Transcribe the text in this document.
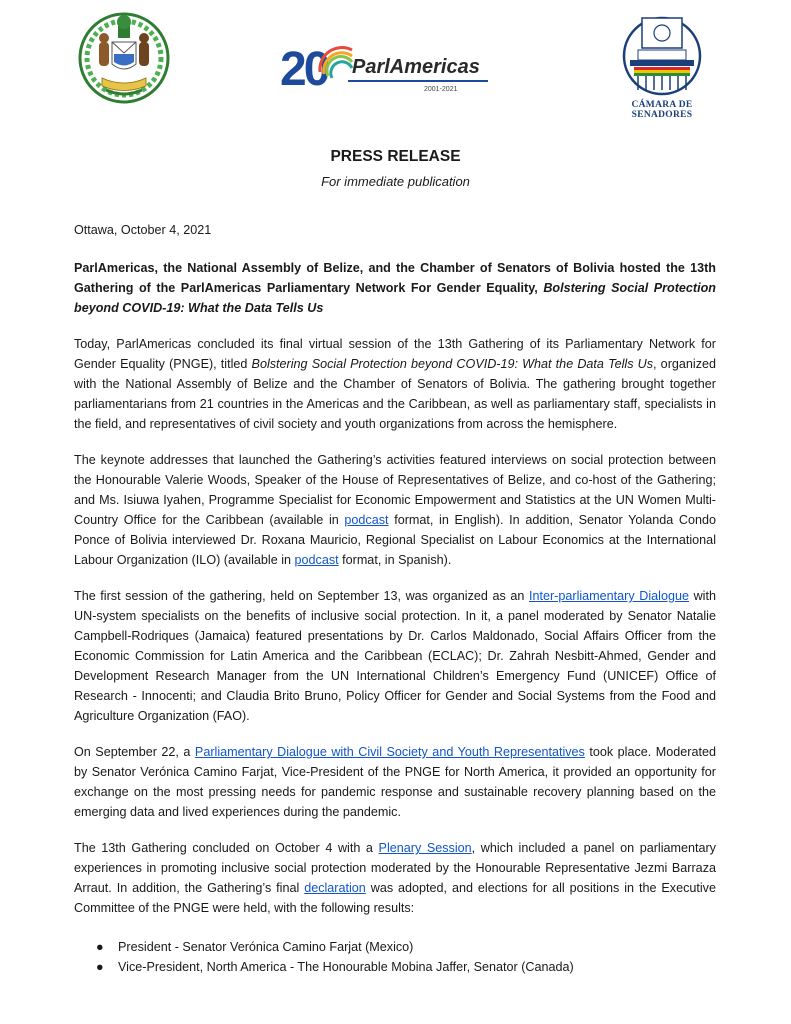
20 ParlAmericas
2001-2021
CÁMARA DE SENADORES
PRESS RELEASE
For immediate publication

Ottawa, October 4, 2021

ParlAmericas, the National Assembly of Belize, and the Chamber of Senators of Bolivia hosted the 13th Gathering of the ParlAmericas Parliamentary Network For Gender Equality, Bolstering Social Protection beyond COVID-19: What the Data Tells Us

Today, ParlAmericas concluded its final virtual session of the 13th Gathering of its Parliamentary Network for Gender Equality (PNGE), titled Bolstering Social Protection beyond COVID-19: What the Data Tells Us, organized with the National Assembly of Belize and the Chamber of Senators of Bolivia. The gathering brought together parliamentarians from 21 countries in the Americas and the Caribbean, as well as parliamentary staff, specialists in the field, and representatives of civil society and youth organizations from across the hemisphere.

The keynote addresses that launched the Gathering’s activities featured interviews on social protection between the Honourable Valerie Woods, Speaker of the House of Representatives of Belize, and co-host of the Gathering; and Ms. Isiuwa Iyahen, Programme Specialist for Economic Empowerment and Statistics at the UN Women Multi-Country Office for the Caribbean (available in podcast format, in English). In addition, Senator Yolanda Condo Ponce of Bolivia interviewed Dr. Roxana Mauricio, Regional Specialist on Labour Economics at the International Labour Organization (ILO) (available in podcast format, in Spanish).

The first session of the gathering, held on September 13, was organized as an Inter-parliamentary Dialogue with UN-system specialists on the benefits of inclusive social protection. In it, a panel moderated by Senator Natalie Campbell-Rodriques (Jamaica) featured presentations by Dr. Carlos Maldonado, Social Affairs Officer from the Economic Commission for Latin America and the Caribbean (ECLAC); Dr. Zahrah Nesbitt-Ahmed, Gender and Development Research Manager from the UN International Children’s Emergency Fund (UNICEF) Office of Research - Innocenti; and Claudia Brito Bruno, Policy Officer for Gender and Social Systems from the Food and Agriculture Organization (FAO).

On September 22, a Parliamentary Dialogue with Civil Society and Youth Representatives took place. Moderated by Senator Verónica Camino Farjat, Vice-President of the PNGE for North America, it provided an opportunity for exchange on the most pressing needs for pandemic response and sustainable recovery planning based on the emerging data and lived experiences during the pandemic.

The 13th Gathering concluded on October 4 with a Plenary Session, which included a panel on parliamentary experiences in promoting inclusive social protection moderated by the Honourable Representative Jezmi Barraza Arraut. In addition, the Gathering’s final declaration was adopted, and elections for all positions in the Executive Committee of the PNGE were held, with the following results:

● President - Senator Verónica Camino Farjat (Mexico)
● Vice-President, North America - The Honourable Mobina Jaffer, Senator (Canada)
